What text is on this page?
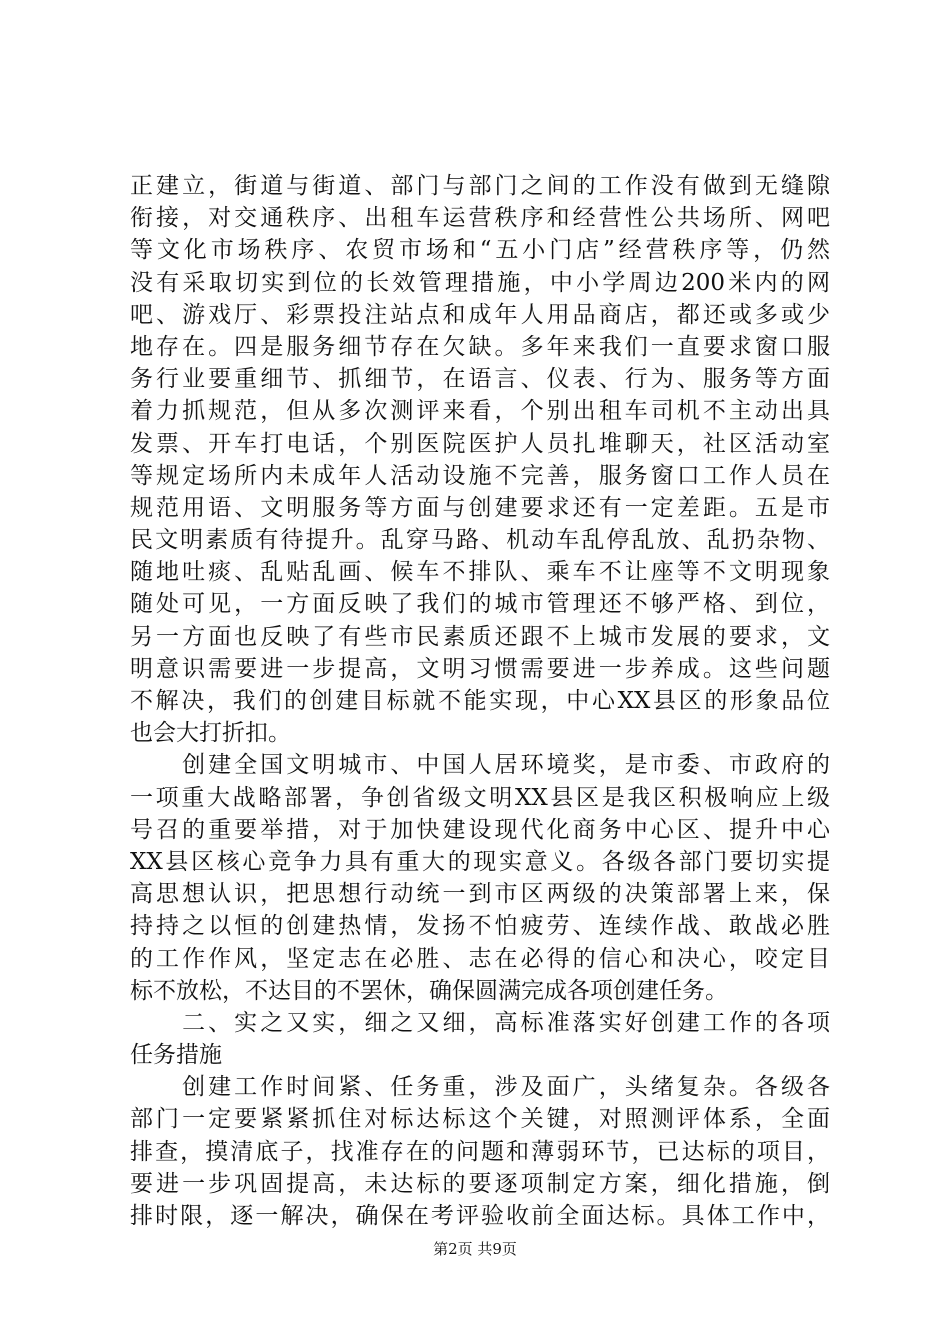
正建立，街道与街道、部门与部门之间的工作没有做到无缝隙
衔接，对交通秩序、出租车运营秩序和经营性公共场所、网吧
等文化市场秩序、农贸市场和“五小门店”经营秩序等，仍然
没有采取切实到位的长效管理措施，中小学周边200米内的网
吧、游戏厅、彩票投注站点和成年人用品商店，都还或多或少
地存在。四是服务细节存在欠缺。多年来我们一直要求窗口服
务行业要重细节、抓细节，在语言、仪表、行为、服务等方面
着力抓规范，但从多次测评来看，个别出租车司机不主动出具
发票、开车打电话，个别医院医护人员扎堆聊天，社区活动室
等规定场所内未成年人活动设施不完善，服务窗口工作人员在
规范用语、文明服务等方面与创建要求还有一定差距。五是市
民文明素质有待提升。乱穿马路、机动车乱停乱放、乱扔杂物、
随地吐痰、乱贴乱画、候车不排队、乘车不让座等不文明现象
随处可见，一方面反映了我们的城市管理还不够严格、到位，
另一方面也反映了有些市民素质还跟不上城市发展的要求，文
明意识需要进一步提高，文明习惯需要进一步养成。这些问题
不解决，我们的创建目标就不能实现，中心XX县区的形象品位
也会大打折扣。
　　创建全国文明城市、中国人居环境奖，是市委、市政府的
一项重大战略部署，争创省级文明XX县区是我区积极响应上级
号召的重要举措，对于加快建设现代化商务中心区、提升中心
XX县区核心竞争力具有重大的现实意义。各级各部门要切实提
高思想认识，把思想行动统一到市区两级的决策部署上来，保
持持之以恒的创建热情，发扬不怕疲劳、连续作战、敢战必胜
的工作作风，坚定志在必胜、志在必得的信心和决心，咬定目
标不放松，不达目的不罢休，确保圆满完成各项创建任务。
　　二、实之又实，细之又细，高标准落实好创建工作的各项
任务措施
　　创建工作时间紧、任务重，涉及面广，头绪复杂。各级各
部门一定要紧紧抓住对标达标这个关键，对照测评体系，全面
排查，摸清底子，找准存在的问题和薄弱环节，已达标的项目，
要进一步巩固提高，未达标的要逐项制定方案，细化措施，倒
排时限，逐一解决，确保在考评验收前全面达标。具体工作中，
第2页 共9页
